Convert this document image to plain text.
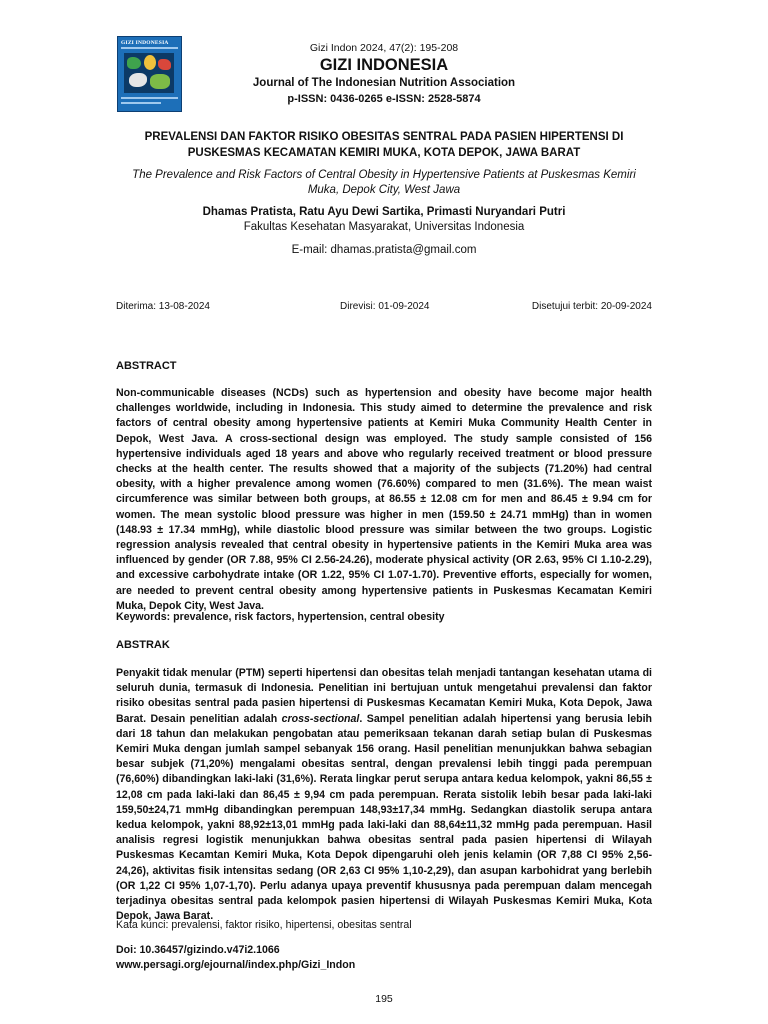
GIZI INDONESIA	Gizi Indon 2024, 47(2): 195-208
GIZI INDONESIA
Journal of The Indonesian Nutrition Association
p-ISSN: 0436-0265 e-ISSN: 2528-5874
PREVALENSI DAN FAKTOR RISIKO OBESITAS SENTRAL PADA PASIEN HIPERTENSI DI PUSKESMAS KECAMATAN KEMIRI MUKA, KOTA DEPOK, JAWA BARAT
The Prevalence and Risk Factors of Central Obesity in Hypertensive Patients at Puskesmas Kemiri Muka, Depok City, West Jawa
Dhamas Pratista, Ratu Ayu Dewi Sartika, Primasti Nuryandari Putri
Fakultas Kesehatan Masyarakat, Universitas Indonesia
E-mail: dhamas.pratista@gmail.com
Diterima: 13-08-2024	Direvisi: 01-09-2024	Disetujui terbit: 20-09-2024
ABSTRACT
Non-communicable diseases (NCDs) such as hypertension and obesity have become major health challenges worldwide, including in Indonesia. This study aimed to determine the prevalence and risk factors of central obesity among hypertensive patients at Kemiri Muka Community Health Center in Depok, West Java. A cross-sectional design was employed. The study sample consisted of 156 hypertensive individuals aged 18 years and above who regularly received treatment or blood pressure checks at the health center. The results showed that a majority of the subjects (71.20%) had central obesity, with a higher prevalence among women (76.60%) compared to men (31.6%). The mean waist circumference was similar between both groups, at 86.55 ± 12.08 cm for men and 86.45 ± 9.94 cm for women. The mean systolic blood pressure was higher in men (159.50 ± 24.71 mmHg) than in women (148.93 ± 17.34 mmHg), while diastolic blood pressure was similar between the two groups. Logistic regression analysis revealed that central obesity in hypertensive patients in the Kemiri Muka area was influenced by gender (OR 7.88, 95% CI 2.56-24.26), moderate physical activity (OR 2.63, 95% CI 1.10-2.29), and excessive carbohydrate intake (OR 1.22, 95% CI 1.07-1.70). Preventive efforts, especially for women, are needed to prevent central obesity among hypertensive patients in Puskesmas Kecamatan Kemiri Muka, Depok City, West Java.
Keywords: prevalence, risk factors, hypertension, central obesity
ABSTRAK
Penyakit tidak menular (PTM) seperti hipertensi dan obesitas telah menjadi tantangan kesehatan utama di seluruh dunia, termasuk di Indonesia. Penelitian ini bertujuan untuk mengetahui prevalensi dan faktor risiko obesitas sentral pada pasien hipertensi di Puskesmas Kecamatan Kemiri Muka, Kota Depok, Jawa Barat. Desain penelitian adalah cross-sectional. Sampel penelitian adalah hipertensi yang berusia lebih dari 18 tahun dan melakukan pengobatan atau pemeriksaan tekanan darah setiap bulan di Puskesmas Kemiri Muka dengan jumlah sampel sebanyak 156 orang. Hasil penelitian menunjukkan bahwa sebagian besar subjek (71,20%) mengalami obesitas sentral, dengan prevalensi lebih tinggi pada perempuan (76,60%) dibandingkan laki-laki (31,6%). Rerata lingkar perut serupa antara kedua kelompok, yakni 86,55 ± 12,08 cm pada laki-laki dan 86,45 ± 9,94 cm pada perempuan. Rerata sistolik lebih besar pada laki-laki 159,50±24,71 mmHg dibandingkan perempuan 148,93±17,34 mmHg. Sedangkan diastolik serupa antara kedua kelompok, yakni 88,92±13,01 mmHg pada laki-laki dan 88,64±11,32 mmHg pada perempuan. Hasil analisis regresi logistik menunjukkan bahwa obesitas sentral pada pasien hipertensi di Wilayah Puskesmas Kecamtan Kemiri Muka, Kota Depok dipengaruhi oleh jenis kelamin (OR 7,88 CI 95% 2,56-24,26), aktivitas fisik intensitas sedang (OR 2,63 CI 95% 1,10-2,29), dan asupan karbohidrat yang berlebih (OR 1,22 CI 95% 1,07-1,70). Perlu adanya upaya preventif khususnya pada perempuan dalam mencegah terjadinya obesitas sentral pada kelompok pasien hipertensi di Wilayah Puskesmas Kemiri Muka, Kota Depok, Jawa Barat.
Kata kunci: prevalensi, faktor risiko, hipertensi, obesitas sentral
Doi: 10.36457/gizindo.v47i2.1066
www.persagi.org/ejournal/index.php/Gizi_Indon
195
